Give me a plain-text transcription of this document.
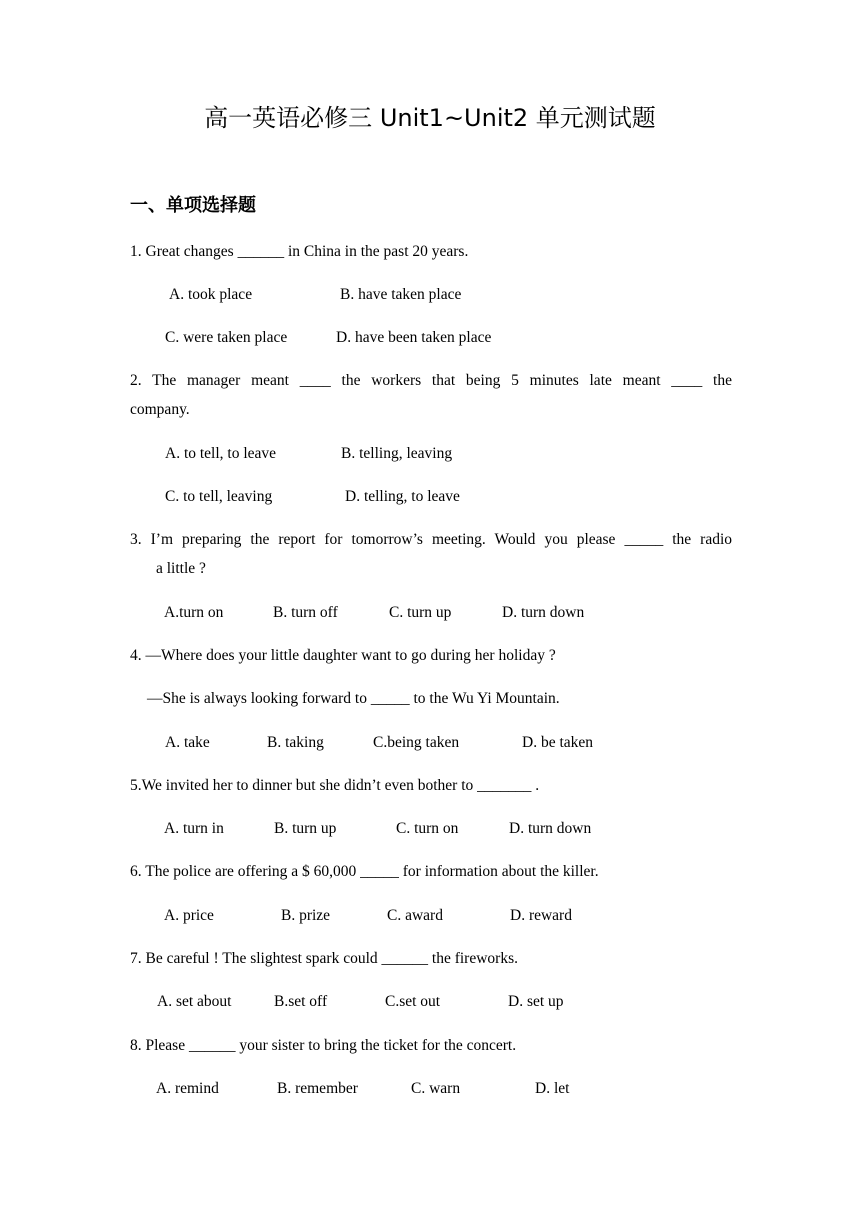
高一英语必修三 Unit1~Unit2 单元测试题
一、单项选择题
1. Great changes ______ in China in the past 20 years.
A. took place	B. have taken place
C. were taken place	D. have been taken place
2. The manager meant ____ the workers that being 5 minutes late meant ____ the
company.
A. to tell, to leave	B. telling, leaving
C. to tell, leaving	D. telling, to leave
3. I’m preparing the report for tomorrow’s meeting. Would you please _____ the radio
a little ?
A.turn on	B. turn off	C. turn up	D. turn down
4. —Where does your little daughter want to go during her holiday ?
—She is always looking forward to _____ to the Wu Yi Mountain.
A. take	B. taking	C.being taken	D. be taken
5.We invited her to dinner but she didn’t even bother to _______ .
A. turn in	B. turn up	C. turn on	D. turn down
6. The police are offering a $ 60,000 _____ for information about the killer.
A. price	B. prize	C. award	D. reward
7. Be careful ! The slightest spark could ______ the fireworks.
A. set about	B.set off	C.set out	D. set up
8. Please ______ your sister to bring the ticket for the concert.
A. remind	B. remember	C. warn	D. let
